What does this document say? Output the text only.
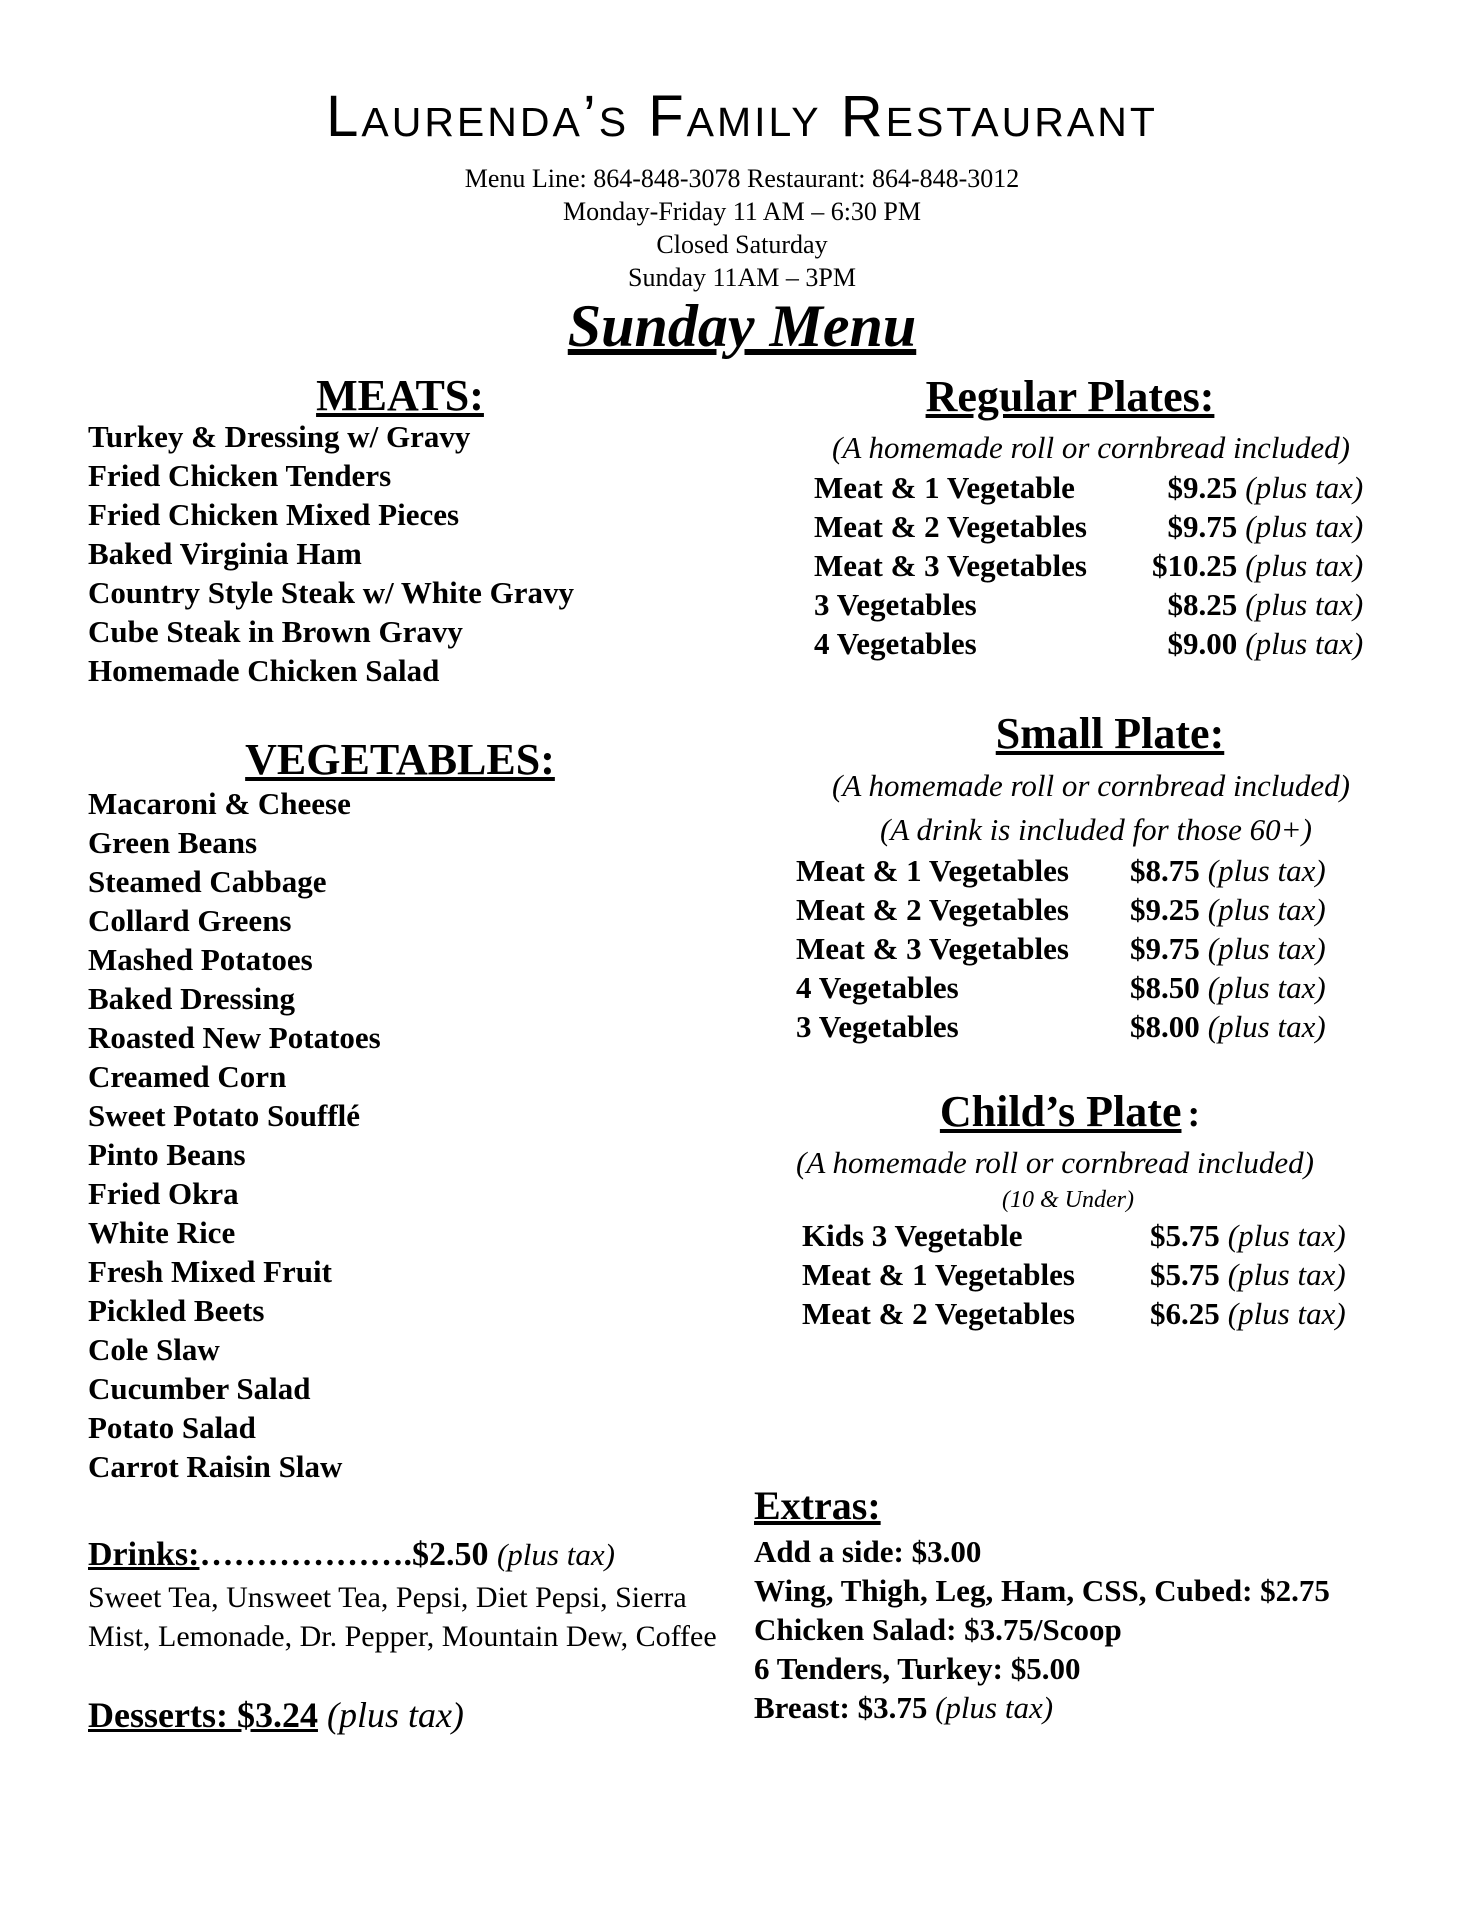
Laurenda’s Family Restaurant
Menu Line: 864-848-3078 Restaurant: 864-848-3012
Monday-Friday 11 AM – 6:30 PM
Closed Saturday
Sunday 11AM – 3PM
Sunday Menu
MEATS:
Turkey & Dressing w/ Gravy
Fried Chicken Tenders
Fried Chicken Mixed Pieces
Baked Virginia Ham
Country Style Steak w/ White Gravy
Cube Steak in Brown Gravy
Homemade Chicken Salad
VEGETABLES:
Macaroni & Cheese
Green Beans
Steamed Cabbage
Collard Greens
Mashed Potatoes
Baked Dressing
Roasted New Potatoes
Creamed Corn
Sweet Potato Soufflé
Pinto Beans
Fried Okra
White Rice
Fresh Mixed Fruit
Pickled Beets
Cole Slaw
Cucumber Salad
Potato Salad
Carrot Raisin Slaw
Drinks:……………….$2.50 (plus tax)
Sweet Tea, Unsweet Tea, Pepsi, Diet Pepsi, Sierra Mist, Lemonade, Dr. Pepper, Mountain Dew, Coffee
Desserts: $3.24 (plus tax)
Regular Plates:
(A homemade roll or cornbread included)
Meat & 1 Vegetable	$9.25	(plus tax)
Meat & 2 Vegetables	$9.75	(plus tax)
Meat & 3 Vegetables	$10.25	(plus tax)
3 Vegetables	$8.25	(plus tax)
4 Vegetables	$9.00	(plus tax)
Small Plate:
(A homemade roll or cornbread included)
(A drink is included for those 60+)
Meat & 1 Vegetables	$8.75	(plus tax)
Meat & 2 Vegetables	$9.25	(plus tax)
Meat & 3 Vegetables	$9.75	(plus tax)
4 Vegetables	$8.50	(plus tax)
3 Vegetables	$8.00	(plus tax)
Child’s Plate :
(A homemade roll or cornbread included)
(10 & Under)
Kids 3 Vegetable	$5.75	(plus tax)
Meat & 1 Vegetables	$5.75	(plus tax)
Meat & 2 Vegetables	$6.25	(plus tax)
Extras:
Add a side: $3.00
Wing, Thigh, Leg, Ham, CSS, Cubed: $2.75
Chicken Salad: $3.75/Scoop
6 Tenders, Turkey: $5.00
Breast: $3.75 (plus tax)
